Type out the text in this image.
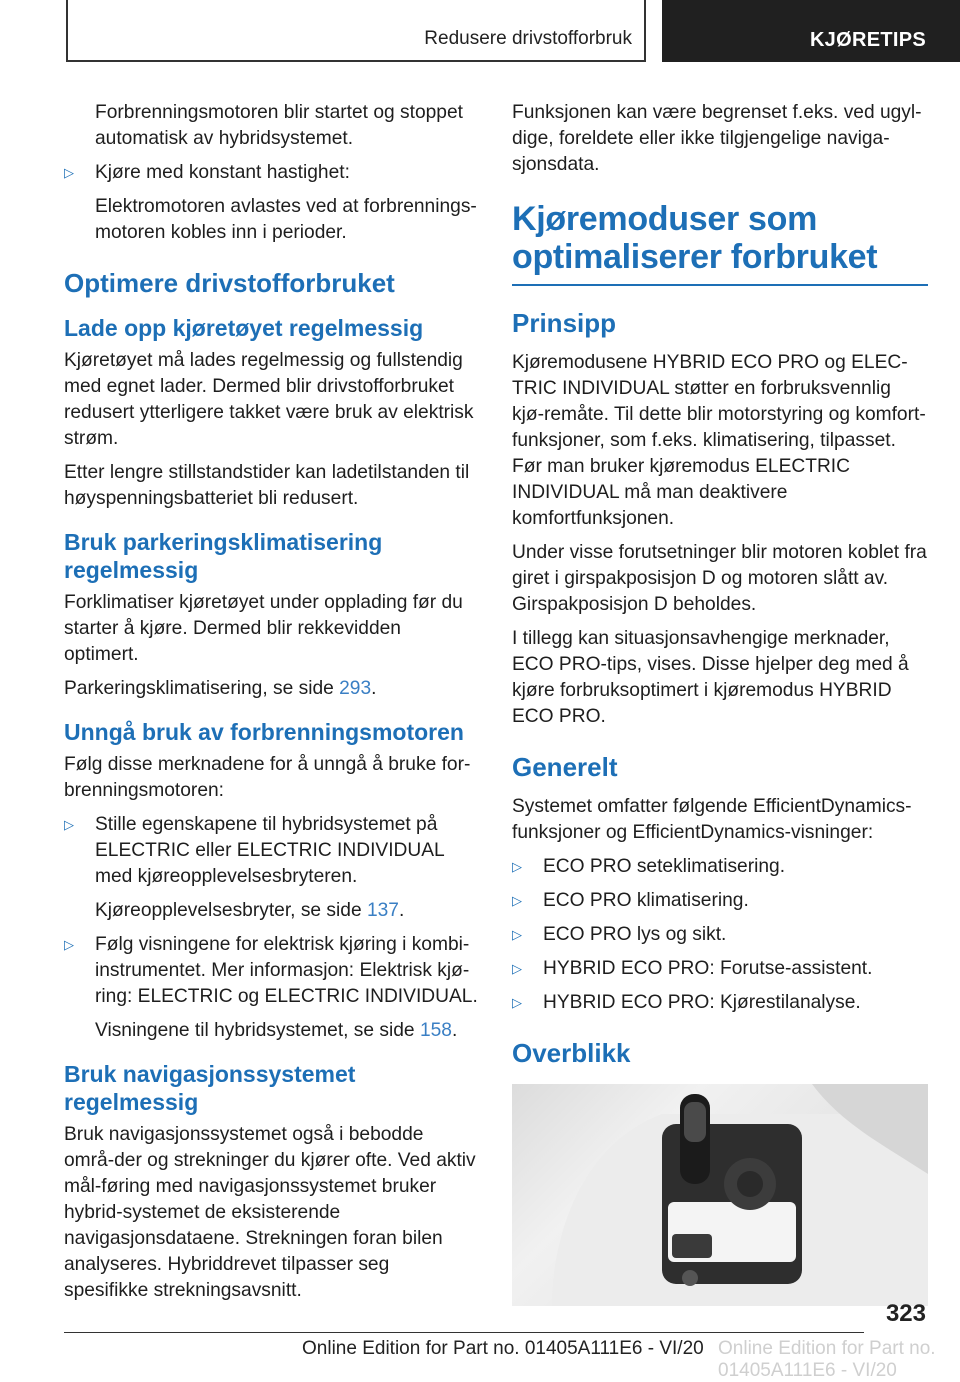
Redusere drivstofforbruk	KJØRETIPS

Forbrenningsmotoren blir startet og stoppet automatisk av hybridsystemet.

▷ Kjøre med konstant hastighet:

Elektromotoren avlastes ved at forbrennings‐motoren kobles inn i perioder.

Optimere drivstofforbruket
Lade opp kjøretøyet regelmessig

Kjøretøyet må lades regelmessig og fullstendig med egnet lader. Dermed blir drivstofforbruket redusert ytterligere takket være bruk av elektrisk strøm.

Etter lengre stillstandstider kan ladetilstanden til høyspenningsbatteriet bli redusert.

Bruk parkeringsklimatisering regelmessig

Forklimatiser kjøretøyet under opplading før du starter å kjøre. Dermed blir rekkevidden optimert.

Parkeringsklimatisering, se side 293.

Unngå bruk av forbrenningsmotoren

Følg disse merknadene for å unngå å bruke for‐brenningsmotoren:

▷ Stille egenskapene til hybridsystemet på ELECTRIC eller ELECTRIC INDIVIDUAL med kjøreopplevelsesbryteren.

Kjøreopplevelsesbryter, se side 137.

▷ Følg visningene for elektrisk kjøring i kombi‐instrumentet. Mer informasjon: Elektrisk kjø‐ring: ELECTRIC og ELECTRIC INDIVIDUAL.

Visningene til hybridsystemet, se side 158.

Bruk navigasjonssystemet regelmessig

Bruk navigasjonssystemet også i bebodde områ‐der og strekninger du kjører ofte. Ved aktiv mål‐føring med navigasjonssystemet bruker hybrid‐systemet de eksisterende navigasjonsdataene. Strekningen foran bilen analyseres. Hybriddrevet tilpasser seg spesifikke strekningsavsnitt.

Funksjonen kan være begrenset f.eks. ved ugyl‐dige, foreldete eller ikke tilgjengelige naviga‐sjonsdata.

Kjøremoduser som optimaliserer forbruket
Prinsipp

Kjøremodusene HYBRID ECO PRO og ELEC‐TRIC INDIVIDUAL støtter en forbruksvennlig kjø‐remåte. Til dette blir motorstyring og komfort‐funksjoner, som f.eks. klimatisering, tilpasset. Før man bruker kjøremodus ELECTRIC INDIVIDUAL må man deaktivere komfortfunksjonen.

Under visse forutsetninger blir motoren koblet fra giret i girspakposisjon D og motoren slått av. Girspakposisjon D beholdes.

I tillegg kan situasjonsavhengige merknader, ECO PRO-tips, vises. Disse hjelper deg med å kjøre forbruksoptimert i kjøremodus HYBRID ECO PRO.

Generelt

Systemet omfatter følgende EfficientDynamics-funksjoner og EfficientDynamics-visninger:

▷ ECO PRO seteklimatisering.

▷ ECO PRO klimatisering.

▷ ECO PRO lys og sikt.

▷ HYBRID ECO PRO: Forutse-assistent.

▷ HYBRID ECO PRO: Kjørestilanalyse.

Overblikk
323
Online Edition for Part no. 01405A111E6 - VI/20 Online Edition for Part no. 01405A111E6 - VI/20
